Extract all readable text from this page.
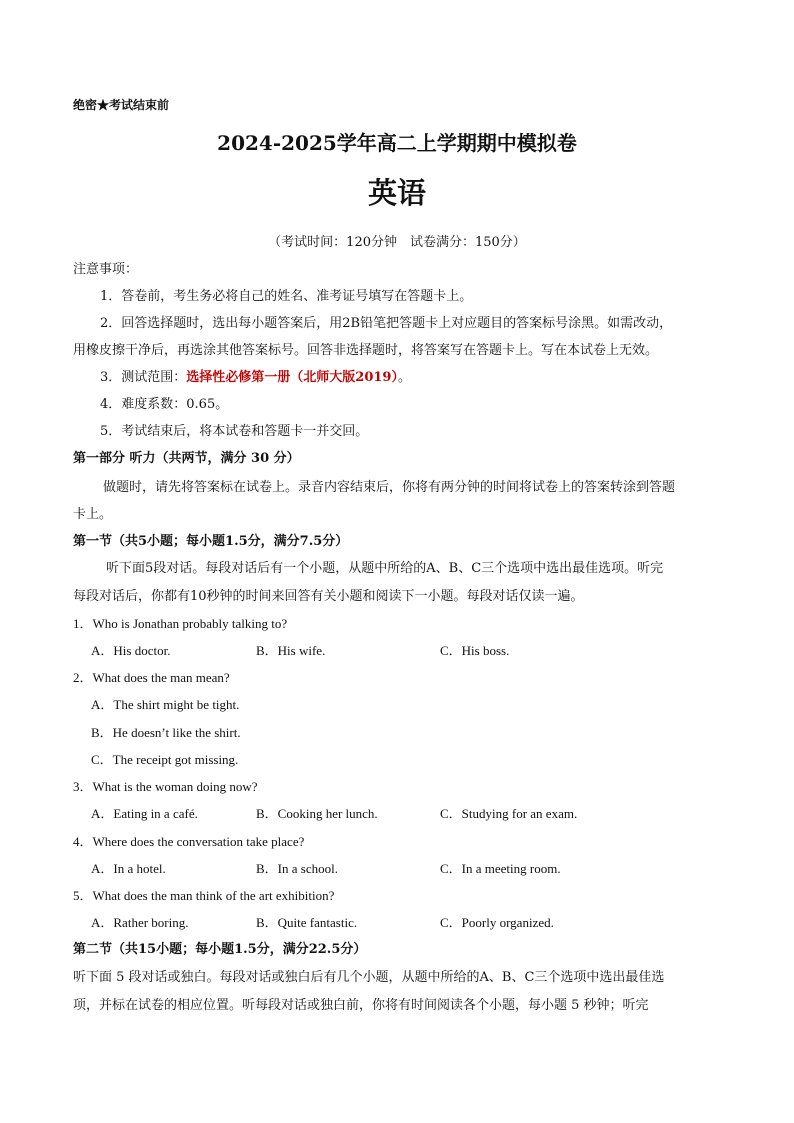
绝密★考试结束前
2024-2025学年高二上学期期中模拟卷
英语
（考试时间：120分钟　试卷满分：150分）
注意事项：
1．答卷前，考生务必将自己的姓名、准考证号填写在答题卡上。
2．回答选择题时，选出每小题答案后，用2B铅笔把答题卡上对应题目的答案标号涂黑。如需改动，
用橡皮擦干净后，再选涂其他答案标号。回答非选择题时，将答案写在答题卡上。写在本试卷上无效。
3．测试范围：选择性必修第一册（北师大版2019）。
4．难度系数：0.65。
5．考试结束后，将本试卷和答题卡一并交回。
第一部分 听力（共两节，满分 30 分）
做题时，请先将答案标在试卷上。录音内容结束后，你将有两分钟的时间将试卷上的答案转涂到答题
卡上。
第一节（共5小题；每小题1.5分，满分7.5分）
听下面5段对话。每段对话后有一个小题，从题中所给的A、B、C三个选项中选出最佳选项。听完
每段对话后，你都有10秒钟的时间来回答有关小题和阅读下一小题。每段对话仅读一遍。
1．Who is Jonathan probably talking to?
A．His doctor.	B．His wife.	C．His boss.
2．What does the man mean?
A．The shirt might be tight.
B．He doesn’t like the shirt.
C．The receipt got missing.
3．What is the woman doing now?
A．Eating in a café.	B．Cooking her lunch.	C．Studying for an exam.
4．Where does the conversation take place?
A．In a hotel.	B．In a school.	C．In a meeting room.
5．What does the man think of the art exhibition?
A．Rather boring.	B．Quite fantastic.	C．Poorly organized.
第二节（共15小题；每小题1.5分，满分22.5分）
听下面 5 段对话或独白。每段对话或独白后有几个小题，从题中所给的A、B、C三个选项中选出最佳选
项，并标在试卷的相应位置。听每段对话或独白前，你将有时间阅读各个小题，每小题 5 秒钟；听完
